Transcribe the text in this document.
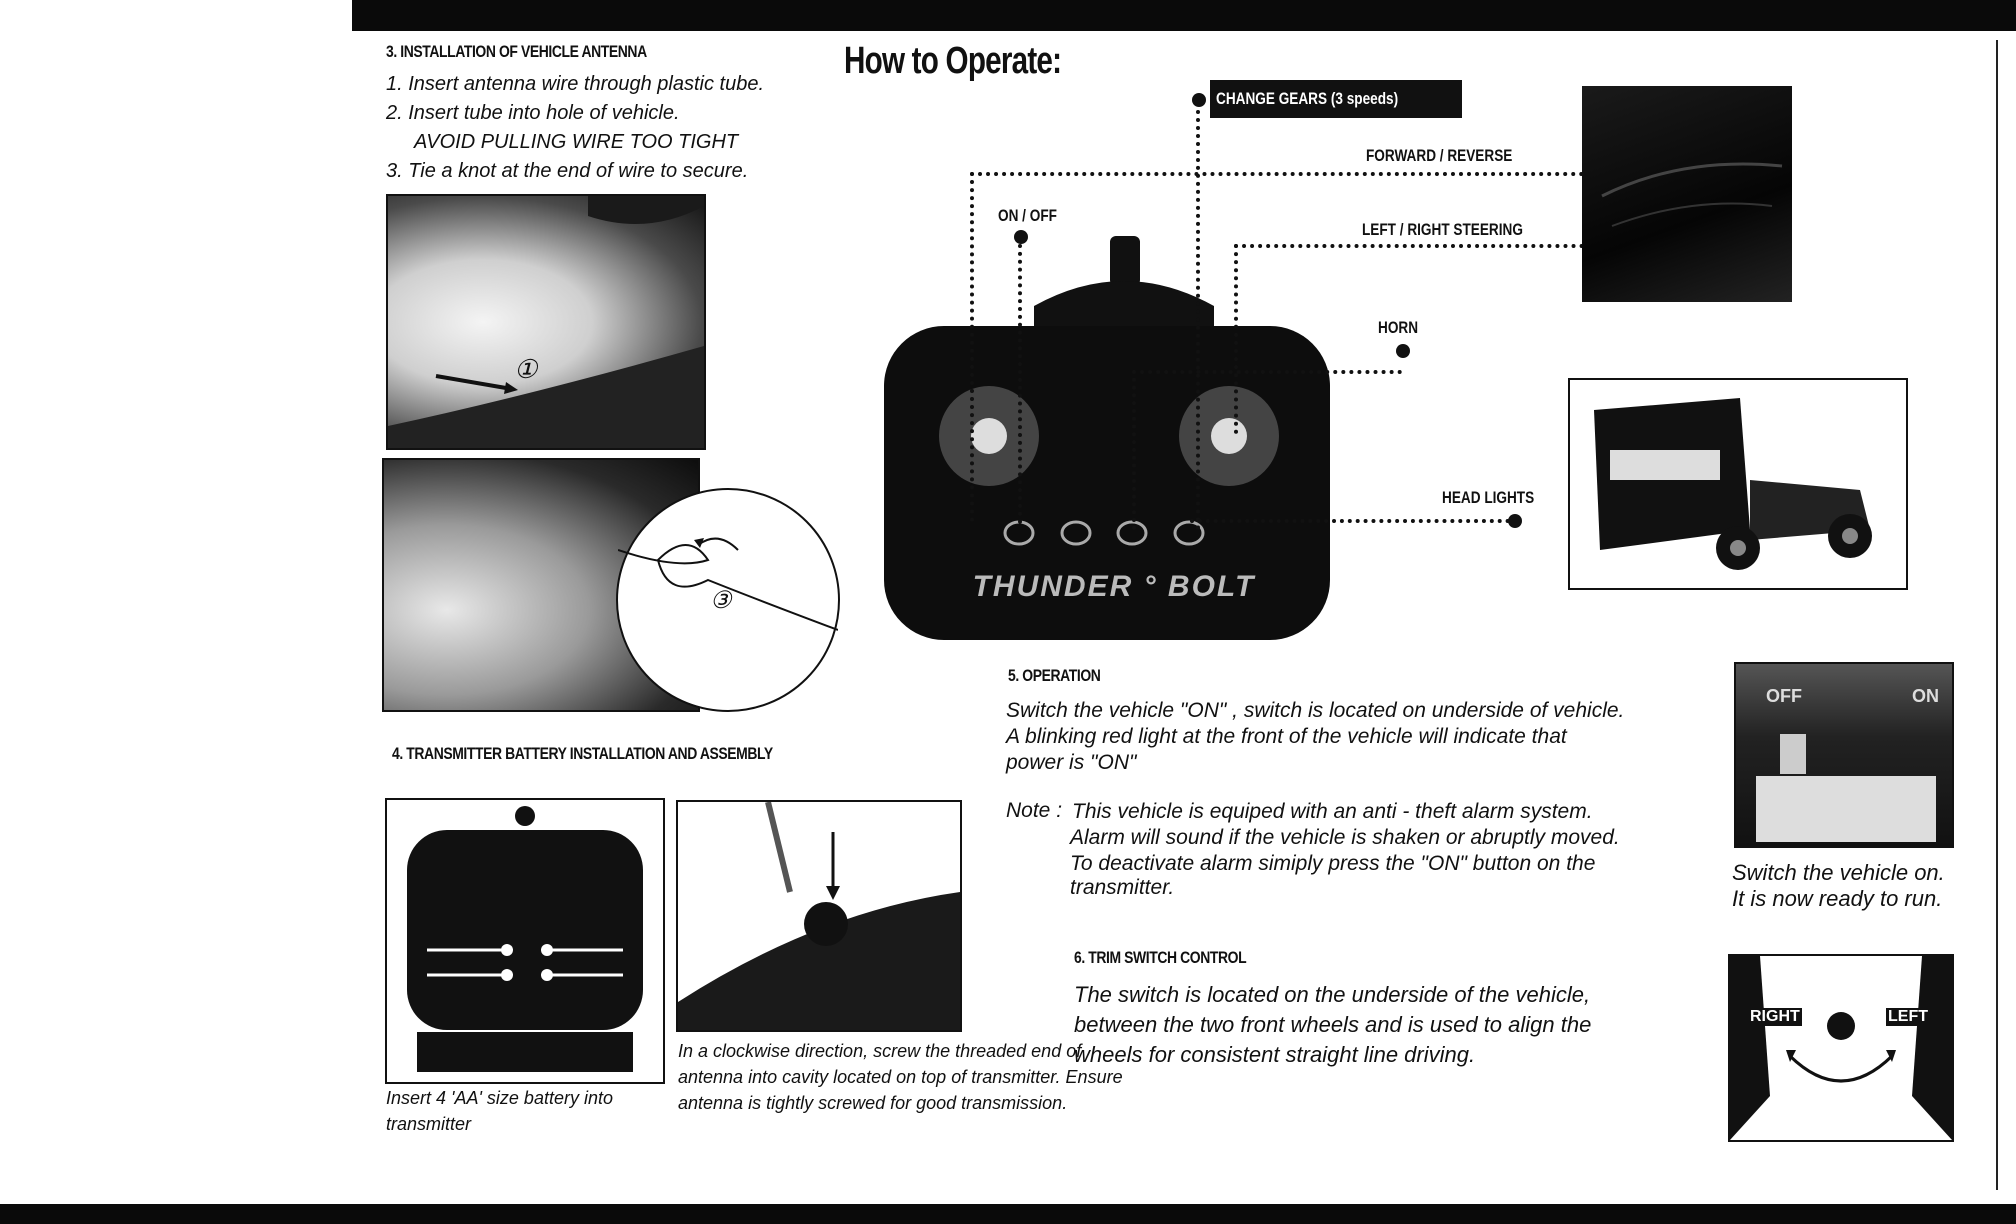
3. INSTALLATION OF VEHICLE ANTENNA
1. Insert antenna wire through plastic tube.
2. Insert tube into hole of vehicle.
AVOID PULLING WIRE TOO TIGHT
3. Tie a knot at the end of wire to secure.
①
③
4. TRANSMITTER BATTERY INSTALLATION AND ASSEMBLY
Insert 4 'AA' size battery into transmitter
In a clockwise direction, screw the threaded end of antenna into cavity located on top of transmitter. Ensure antenna is tightly screwed for good transmission.
How to Operate:
THUNDER ° BOLT
CHANGE GEARS (3 speeds)
FORWARD / REVERSE
LEFT / RIGHT STEERING
ON / OFF
HORN
HEAD LIGHTS
5. OPERATION
Switch the vehicle "ON" , switch is located on underside of vehicle.
A blinking red light at the front of the vehicle will indicate that
power is "ON"
Note : This vehicle is equiped with an anti - theft alarm system.
Alarm will sound if the vehicle is shaken or abruptly moved.
To deactivate alarm simiply press the "ON" button on the
transmitter.
6. TRIM SWITCH CONTROL
The switch is located on the underside of the vehicle,
between the two front wheels and is used to align the
wheels for consistent straight line driving.
OFF	ON
Switch the vehicle on.
It is now ready to run.
RIGHT	LEFT
